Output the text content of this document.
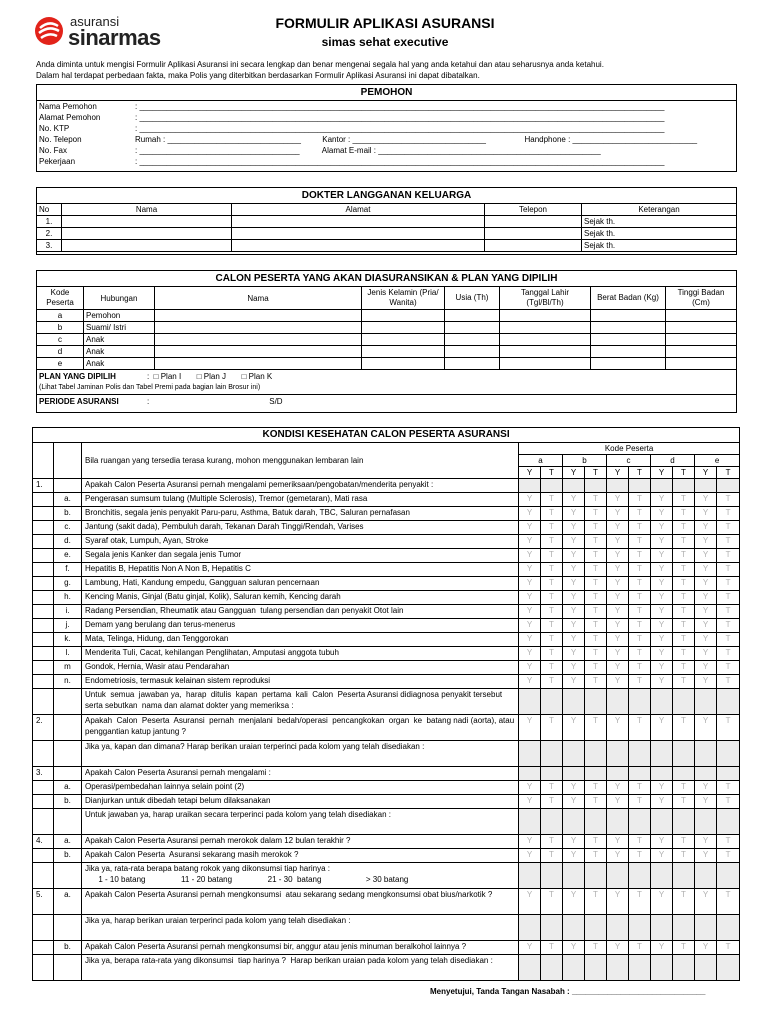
asuransi
sinarmas
FORMULIR APLIKASI ASURANSI
simas sehat executive
Anda diminta untuk mengisi Formulir Aplikasi Asuransi ini secara lengkap dan benar mengenai segala hal yang anda ketahui dan atau seharusnya anda ketahui.
Dalam hal terdapat perbedaan fakta, maka Polis yang diterbitkan berdasarkan Formulir Aplikasi Asuransi ini dapat dibatalkan.
PEMOHON
Nama Pemohon	: ______________________________________________________________________________________________________________________
Alamat Pemohon	: ______________________________________________________________________________________________________________________
No. KTP	: ______________________________________________________________________________________________________________________
No. Telepon	Rumah : ______________________________ Kantor : ______________________________ Handphone : ____________________________
No. Fax	: ____________________________________ Alamat E-mail : __________________________________________________
Pekerjaan	: ______________________________________________________________________________________________________________________
DOKTER LANGGANAN KELUARGA
No	Nama	Alamat	Telepon	Keterangan
1.				Sejak th.
2.				Sejak th.
3.				Sejak th.
CALON PESERTA YANG AKAN DIASURANSIKAN & PLAN YANG DIPILIH
Kode Peserta	Hubungan	Nama	Jenis Kelamin (Pria/ Wanita)	Usia (Th)	Tanggal Lahir (Tgl/Bl/Th)	Berat Badan (Kg)	Tinggi Badan (Cm)
a	Pemohon						
b	Suami/ Istri						
c	Anak						
d	Anak						
e	Anak						
PLAN YANG DIPILIH	:  □ Plan I       □ Plan J       □ Plan K
(Lihat Tabel Jaminan Polis dan Tabel Premi pada bagian lain Brosur ini)
PERIODE ASURANSI	:                                                      S/D
KONDISI KESEHATAN CALON PESERTA ASURANSI												
		Bila ruangan yang tersedia terasa kurang, mohon menggunakan lembaran lain	Kode Peserta									
			a		b		c		d		e	
			Y	T	Y	T	Y	T	Y	T	Y	T
1.		Apakah Calon Peserta Asuransi pernah mengalami pemeriksaan/pengobatan/menderita penyakit :										
	a.	Pengerasan sumsum tulang (Multiple Sclerosis), Tremor (gemetaran), Mati rasa	Y	T	Y	T	Y	T	Y	T	Y	T
	b.	Bronchitis, segala jenis penyakit Paru-paru, Asthma, Batuk darah, TBC, Saluran pernafasan	Y	T	Y	T	Y	T	Y	T	Y	T
	c.	Jantung (sakit dada), Pembuluh darah, Tekanan Darah Tinggi/Rendah, Varises	Y	T	Y	T	Y	T	Y	T	Y	T
	d.	Syaraf otak, Lumpuh, Ayan, Stroke	Y	T	Y	T	Y	T	Y	T	Y	T
	e.	Segala jenis Kanker dan segala jenis Tumor	Y	T	Y	T	Y	T	Y	T	Y	T
	f.	Hepatitis B, Hepatitis Non A Non B, Hepatitis C	Y	T	Y	T	Y	T	Y	T	Y	T
	g.	Lambung, Hati, Kandung empedu, Gangguan saluran pencernaan	Y	T	Y	T	Y	T	Y	T	Y	T
	h.	Kencing Manis, Ginjal (Batu ginjal, Kolik), Saluran kemih, Kencing darah	Y	T	Y	T	Y	T	Y	T	Y	T
	i.	Radang Persendian, Rheumatik atau Gangguan  tulang persendian dan penyakit Otot lain	Y	T	Y	T	Y	T	Y	T	Y	T
	j.	Demam yang berulang dan terus-menerus	Y	T	Y	T	Y	T	Y	T	Y	T
	k.	Mata, Telinga, Hidung, dan Tenggorokan	Y	T	Y	T	Y	T	Y	T	Y	T
	l.	Menderita Tuli, Cacat, kehilangan Penglihatan, Amputasi anggota tubuh	Y	T	Y	T	Y	T	Y	T	Y	T
	m	Gondok, Hernia, Wasir atau Pendarahan	Y	T	Y	T	Y	T	Y	T	Y	T
	n.	Endometriosis, termasuk kelainan sistem reproduksi	Y	T	Y	T	Y	T	Y	T	Y	T
		Untuk  semua  jawaban ya,  harap  ditulis  kapan  pertama  kali  Calon  Peserta Asuransi didiagnosa penyakit tersebut serta sebutkan  nama dan alamat dokter yang memeriksa :										
2.		Apakah  Calon  Peserta  Asuransi  pernah  menjalani  bedah/operasi  pencangkokan  organ  ke  batang nadi (aorta), atau penggantian katup jantung ?	Y	T	Y	T	Y	T	Y	T	Y	T
		Jika ya, kapan dan dimana? Harap berikan uraian terperinci pada kolom yang telah disediakan :										
3.		Apakah Calon Peserta Asuransi pernah mengalami :										
	a.	Operasi/pembedahan lainnya selain point (2)	Y	T	Y	T	Y	T	Y	T	Y	T
	b.	Dianjurkan untuk dibedah tetapi belum dilaksanakan	Y	T	Y	T	Y	T	Y	T	Y	T
		Untuk jawaban ya, harap uraikan secara terperinci pada kolom yang telah disediakan :										
4.	a.	Apakah Calon Peserta Asuransi pernah merokok dalam 12 bulan terakhir ?	Y	T	Y	T	Y	T	Y	T	Y	T
	b.	Apakah Calon Peserta  Asuransi sekarang masih merokok ?	Y	T	Y	T	Y	T	Y	T	Y	T
		Jika ya, rata-rata berapa batang rokok yang dikonsumsi tiap harinya :
1 - 10 batang                11 - 20 batang                21 - 30  batang                    > 30 batang										
5.	a.	Apakah Calon Peserta Asuransi pernah mengkonsumsi  atau sekarang sedang mengkonsumsi obat bius/narkotik ?	Y	T	Y	T	Y	T	Y	T	Y	T
		Jika ya, harap berikan uraian terperinci pada kolom yang telah disediakan :										
	b.	Apakah Calon Peserta Asuransi pernah mengkonsumsi bir, anggur atau jenis minuman beralkohol lainnya ?	Y	T	Y	T	Y	T	Y	T	Y	T
		Jika ya, berapa rata-rata yang dikonsumsi  tiap harinya ?  Harap berikan uraian pada kolom yang telah disediakan :										
Menyetujui, Tanda Tangan Nasabah : ______________________________
